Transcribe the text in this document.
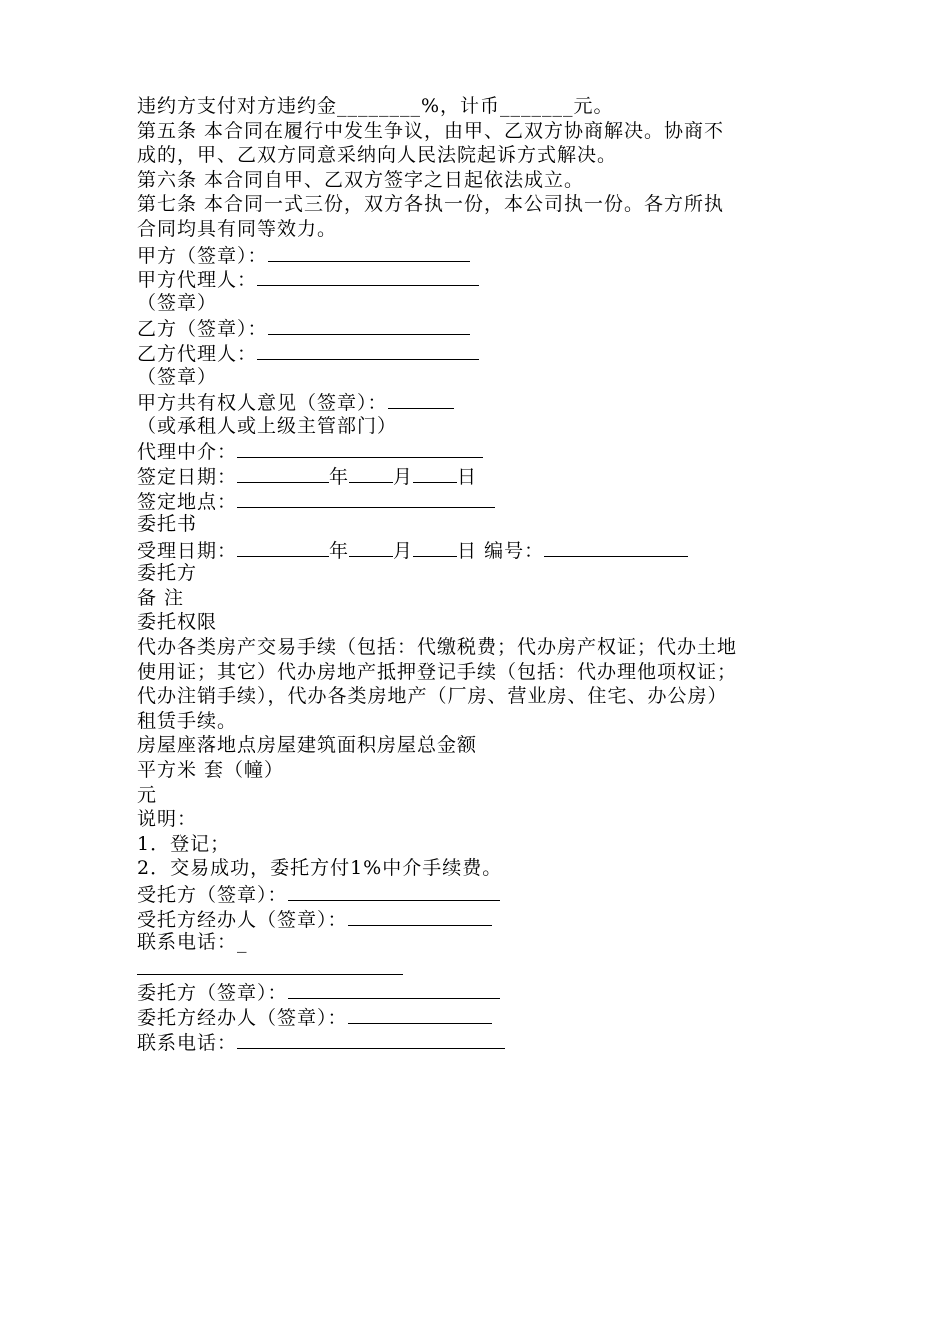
违约方支付对方违约金________%，计币_______元。
第五条 本合同在履行中发生争议，由甲、乙双方协商解决。协商不
成的，甲、乙双方同意采纳向人民法院起诉方式解决。
第六条 本合同自甲、乙双方签字之日起依法成立。
第七条 本合同一式三份，双方各执一份，本公司执一份。各方所执
合同均具有同等效力。
甲方（签章）：
甲方代理人：
（签章）
乙方（签章）：
乙方代理人：
（签章）
甲方共有权人意见（签章）：
（或承租人或上级主管部门）
代理中介：
签定日期：	年 月 日
签定地点：
委托书
受理日期：	年 月 日 编号：
委托方
备 注
委托权限
代办各类房产交易手续（包括：代缴税费；代办房产权证；代办土地
使用证；其它）代办房地产抵押登记手续（包括：代办理他项权证；
代办注销手续），代办各类房地产（厂房、营业房、住宅、办公房）
租赁手续。
房屋座落地点房屋建筑面积房屋总金额
平方米 套（幢）
元
说明：
1．登记；
2．交易成功，委托方付1%中介手续费。
受托方（签章）：
受托方经办人（签章）：
联系电话：_
委托方（签章）：
委托方经办人（签章）：
联系电话：
